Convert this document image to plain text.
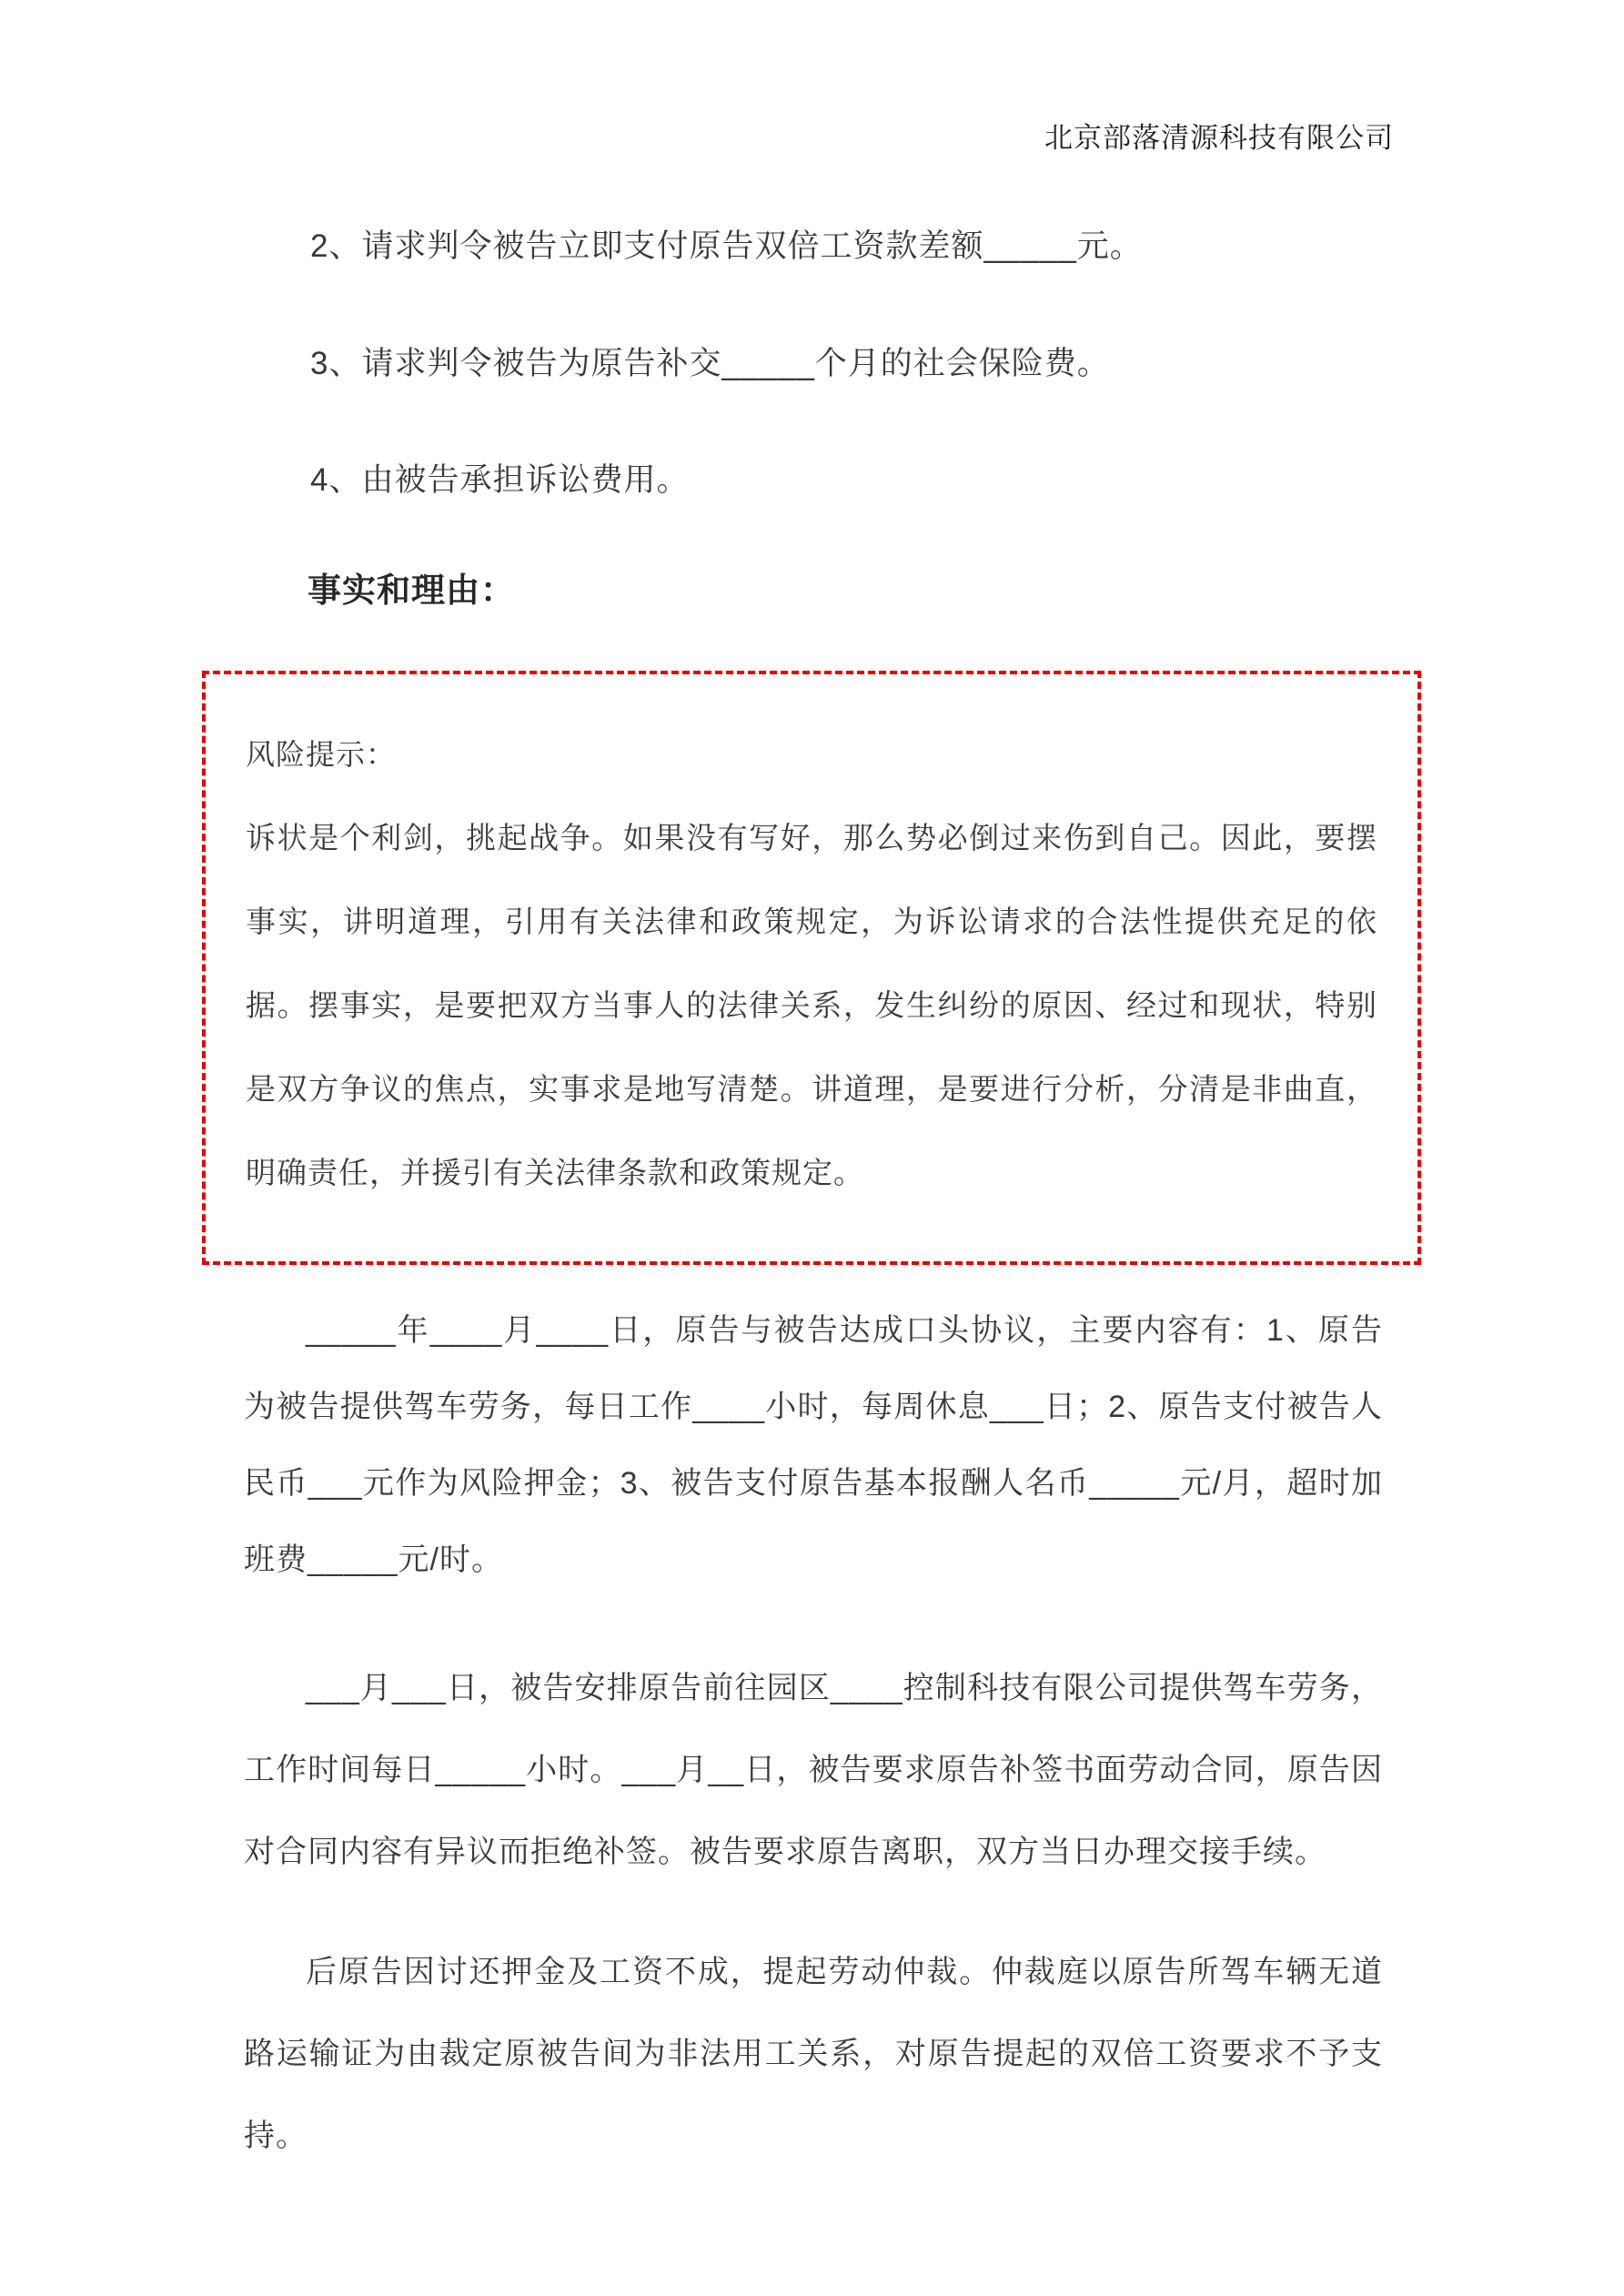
北京部落清源科技有限公司
2、请求判令被告立即支付原告双倍工资款差额_____元。
3、请求判令被告为原告补交_____个月的社会保险费。
4、由被告承担诉讼费用。
事实和理由：

风险提示：

诉状是个利剑，挑起战争。如果没有写好，那么势必倒过来伤到自己。因此，要摆事实，讲明道理，引用有关法律和政策规定，为诉讼请求的合法性提供充足的依据。摆事实，是要把双方当事人的法律关系，发生纠纷的原因、经过和现状，特别是双方争议的焦点，实事求是地写清楚。讲道理，是要进行分析，分清是非曲直，明确责任，并援引有关法律条款和政策规定。

_____年____月____日，原告与被告达成口头协议，主要内容有：1、原告为被告提供驾车劳务，每日工作____小时，每周休息___日；2、原告支付被告人民币___元作为风险押金；3、被告支付原告基本报酬人名币_____元/月，超时加班费_____元/时。

___月___日，被告安排原告前往园区____控制科技有限公司提供驾车劳务，工作时间每日_____小时。___月__日，被告要求原告补签书面劳动合同，原告因对合同内容有异议而拒绝补签。被告要求原告离职，双方当日办理交接手续。

后原告因讨还押金及工资不成，提起劳动仲裁。仲裁庭以原告所驾车辆无道路运输证为由裁定原被告间为非法用工关系，对原告提起的双倍工资要求不予支持。
